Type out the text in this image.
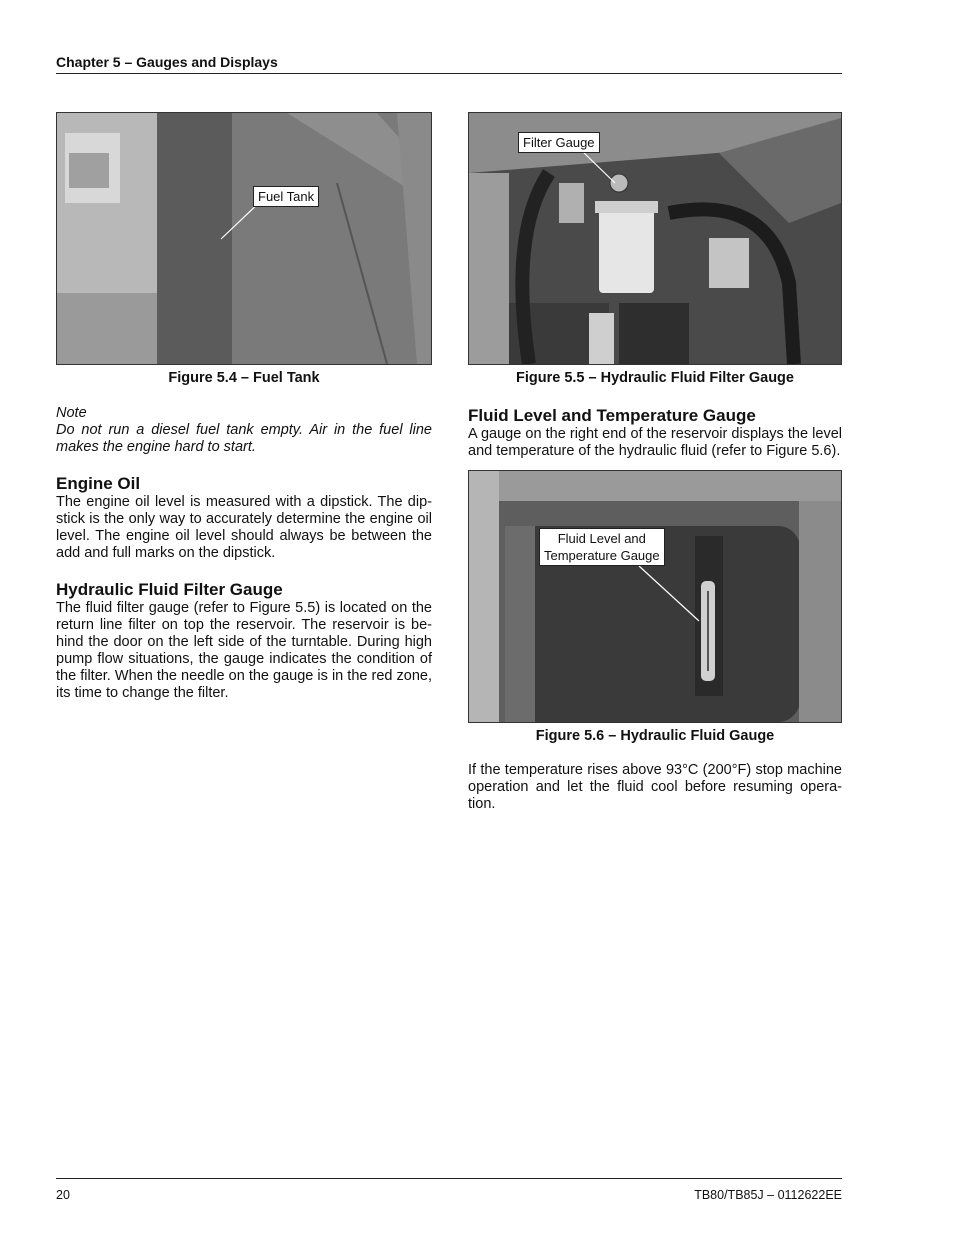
Chapter 5 – Gauges and Displays
Fuel Tank
Figure 5.4 – Fuel Tank
Note
Do not run a diesel fuel tank empty. Air in the fuel line makes the engine hard to start.
Engine Oil

The engine oil level is measured with a dipstick. The dip-stick is the only way to accurately determine the engine oil level. The engine oil level should always be between the add and full marks on the dipstick.

Hydraulic Fluid Filter Gauge

The fluid filter gauge (refer to Figure 5.5) is located on the return line filter on top the reservoir. The reservoir is be-hind the door on the left side of the turntable. During high pump flow situations, the gauge indicates the condition of the filter. When the needle on the gauge is in the red zone, its time to change the filter.

Filter Gauge
Figure 5.5 – Hydraulic Fluid Filter Gauge
Fluid Level and Temperature Gauge

A gauge on the right end of the reservoir displays the level and temperature of the hydraulic fluid (refer to Figure 5.6).

Fluid Level and
Temperature Gauge
Figure 5.6 – Hydraulic Fluid Gauge

If the temperature rises above 93°C (200°F) stop machine operation and let the fluid cool before resuming opera-tion.

20	TB80/TB85J – 0112622EE
